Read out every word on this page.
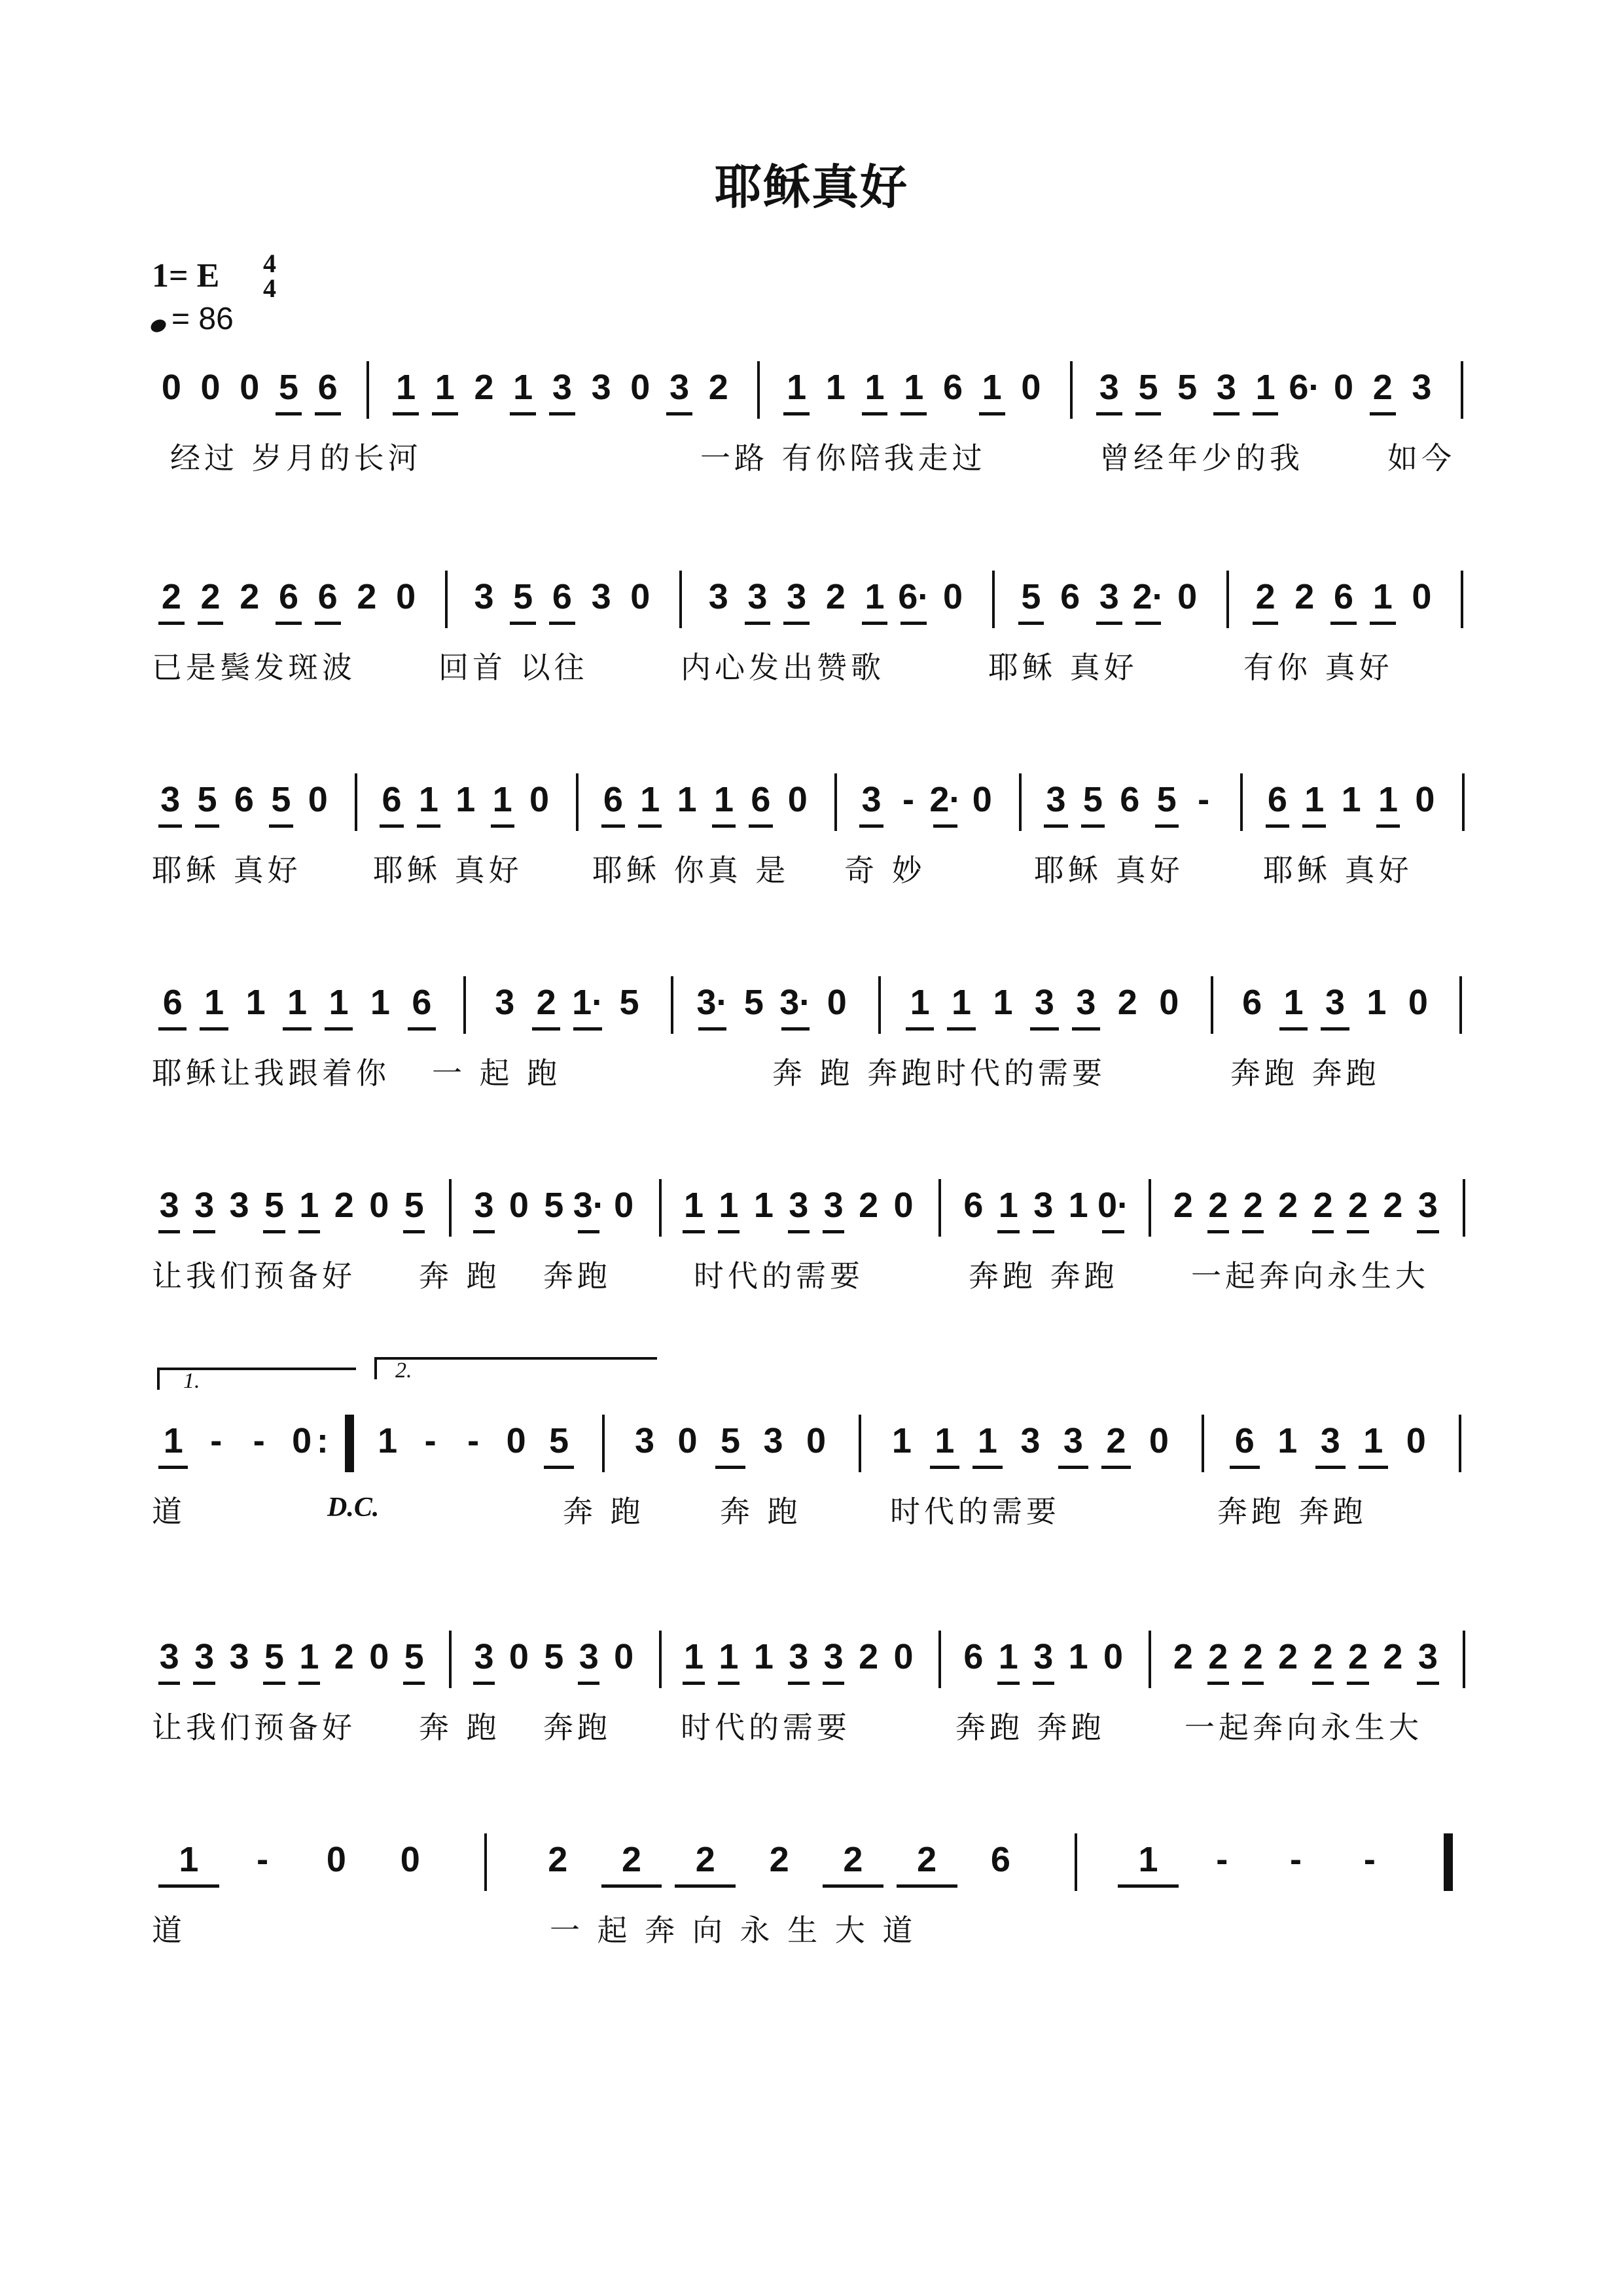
耶稣真好
1= E 4
4
= 86
0 0 0 5 6 1 1 2 1 3 3 0 3 2 1 1 1 1 6 1 0 3 5 5 3 1 6· 0 2 3
经过 岁月的长河	一路 有你陪我走过	曾经年少的我	如今
2 2 2 6 6 2 0 3 5 6 3 0 3 3 3 2 1 6· 0 5 6 3 2· 0 2 2 6 1 0
已是鬓发斑波	回首 以往	内心发出赞歌	耶稣 真好	有你 真好
3 5 6 5 0 6 1 1 1 0 6 1 1 1 6 0 3 - 2· 0 3 5 6 5 -	6 1 1 1 0
耶稣 真好 耶稣 真好 耶稣 你真 是 奇 妙	耶稣 真好	耶稣 真好
6 1 1 1 1 1 6	3 2 1· 5	3· 5 3· 0	1 1 1 3 3 2 0	6 1 3 1 0
耶稣让我跟着你 一 起 跑	奔 跑 奔跑 时代的需要	奔跑 奔跑
3 3 3 5 1 2 0 5 3 0 5 3· 0 1 1 1 3 3 2 0 6 1 3 1 0· 2 2 2 2 2 2 2 3
让我们预备好 奔 跑 奔跑	时代的需要	奔跑 奔跑 一起奔向永生大
1 - - 0 :	1 - - 0 5	3 0 5 3 0	1 1 1 3 3 2 0	6 1 3 1 0
1.	2.
D.C.
道	奔 跑	奔 跑	时代的需要	奔跑 奔跑
3 3 3 5 1 2 0 5 3 0 5 3 0 1 1 1 3 3 2 0 6 1 3 1 0 2 2 2 2 2 2 2 3
让我们预备好 奔 跑 奔跑 时代的需要	奔跑 奔跑	一起奔向永生大
1	-	0	0	2	2	2	2	2	2	6	1	-	-	-
道	一 起 奔 向 永 生 大 道
